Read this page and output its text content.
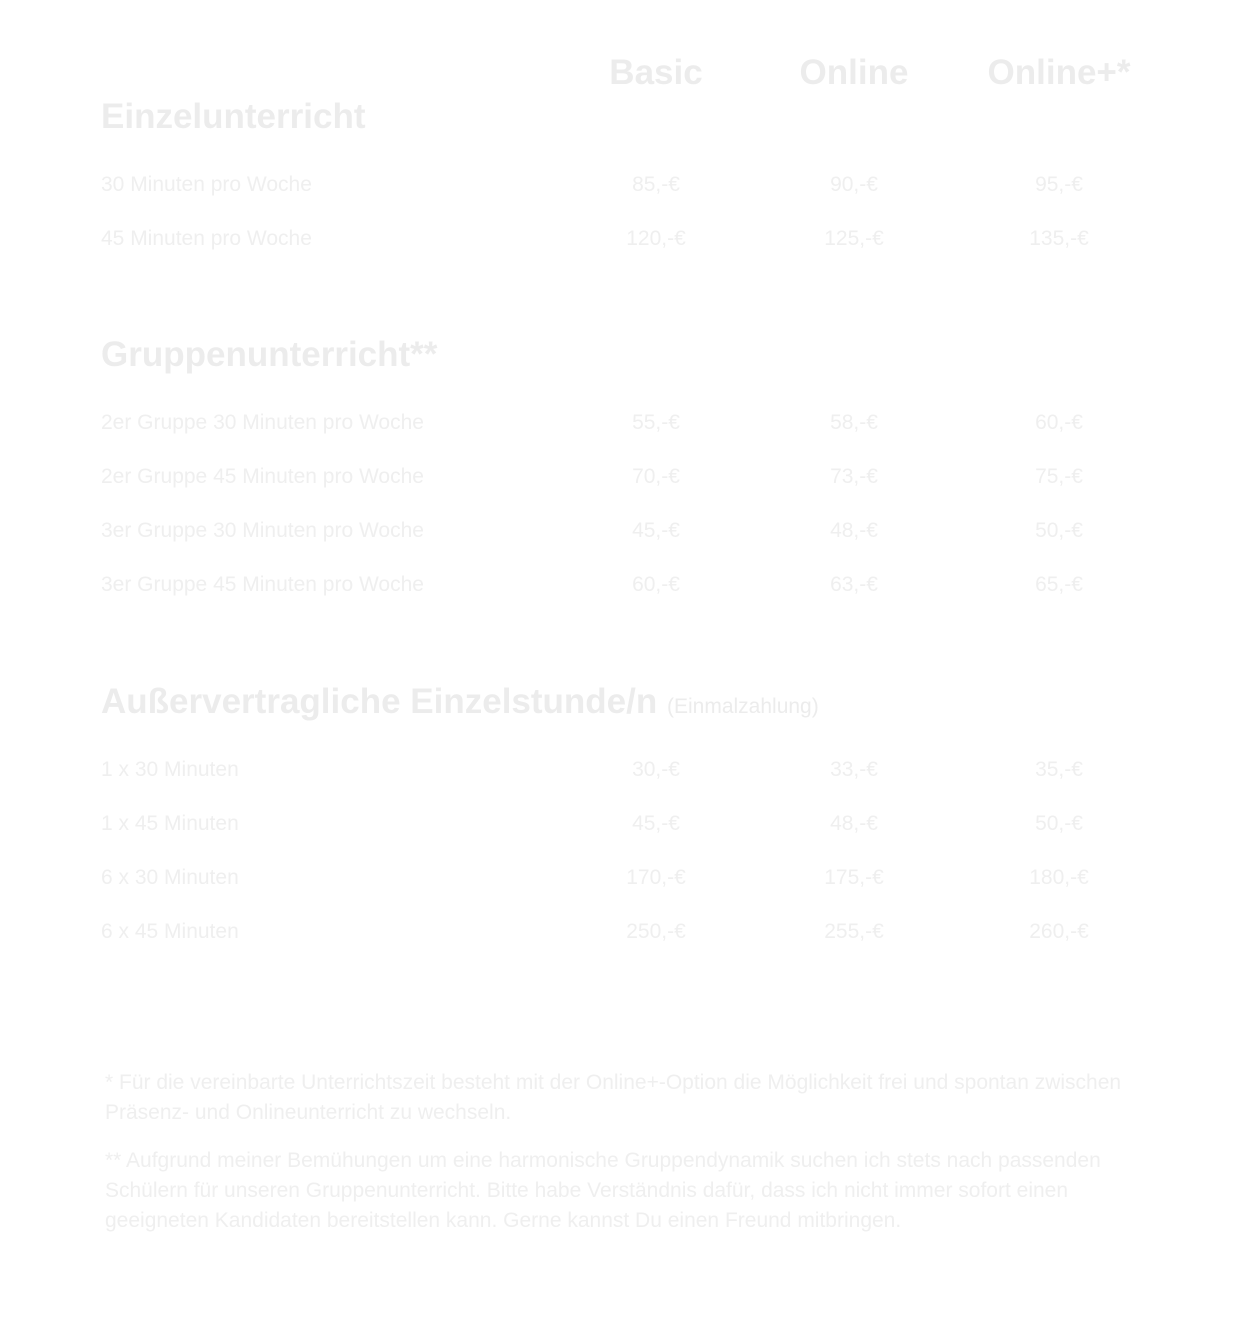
Basic	Online	Online+*
Einzelunterricht
30 Minuten pro Woche	85,-€	90,-€	95,-€
45 Minuten pro Woche	120,-€	125,-€	135,-€
Gruppenunterricht**
2er Gruppe 30 Minuten pro Woche	55,-€	58,-€	60,-€
2er Gruppe 45 Minuten pro Woche	70,-€	73,-€	75,-€
3er Gruppe 30 Minuten pro Woche	45,-€	48,-€	50,-€
3er Gruppe 45 Minuten pro Woche	60,-€	63,-€	65,-€
Außervertragliche Einzelstunde/n (Einmalzahlung)
1 x 30 Minuten	30,-€	33,-€	35,-€
1 x 45 Minuten	45,-€	48,-€	50,-€
6 x 30 Minuten	170,-€	175,-€	180,-€
6 x 45 Minuten	250,-€	255,-€	260,-€
* Für die vereinbarte Unterrichtszeit besteht mit der Online+-Option die Möglichkeit frei und spontan zwischen Präsenz- und Onlineunterricht zu wechseln.
** Aufgrund meiner Bemühungen um eine harmonische Gruppendynamik suchen ich stets nach passenden Schülern für unseren Gruppenunterricht. Bitte habe Verständnis dafür, dass ich nicht immer sofort einen geeigneten Kandidaten bereitstellen kann. Gerne kannst Du einen Freund mitbringen.
